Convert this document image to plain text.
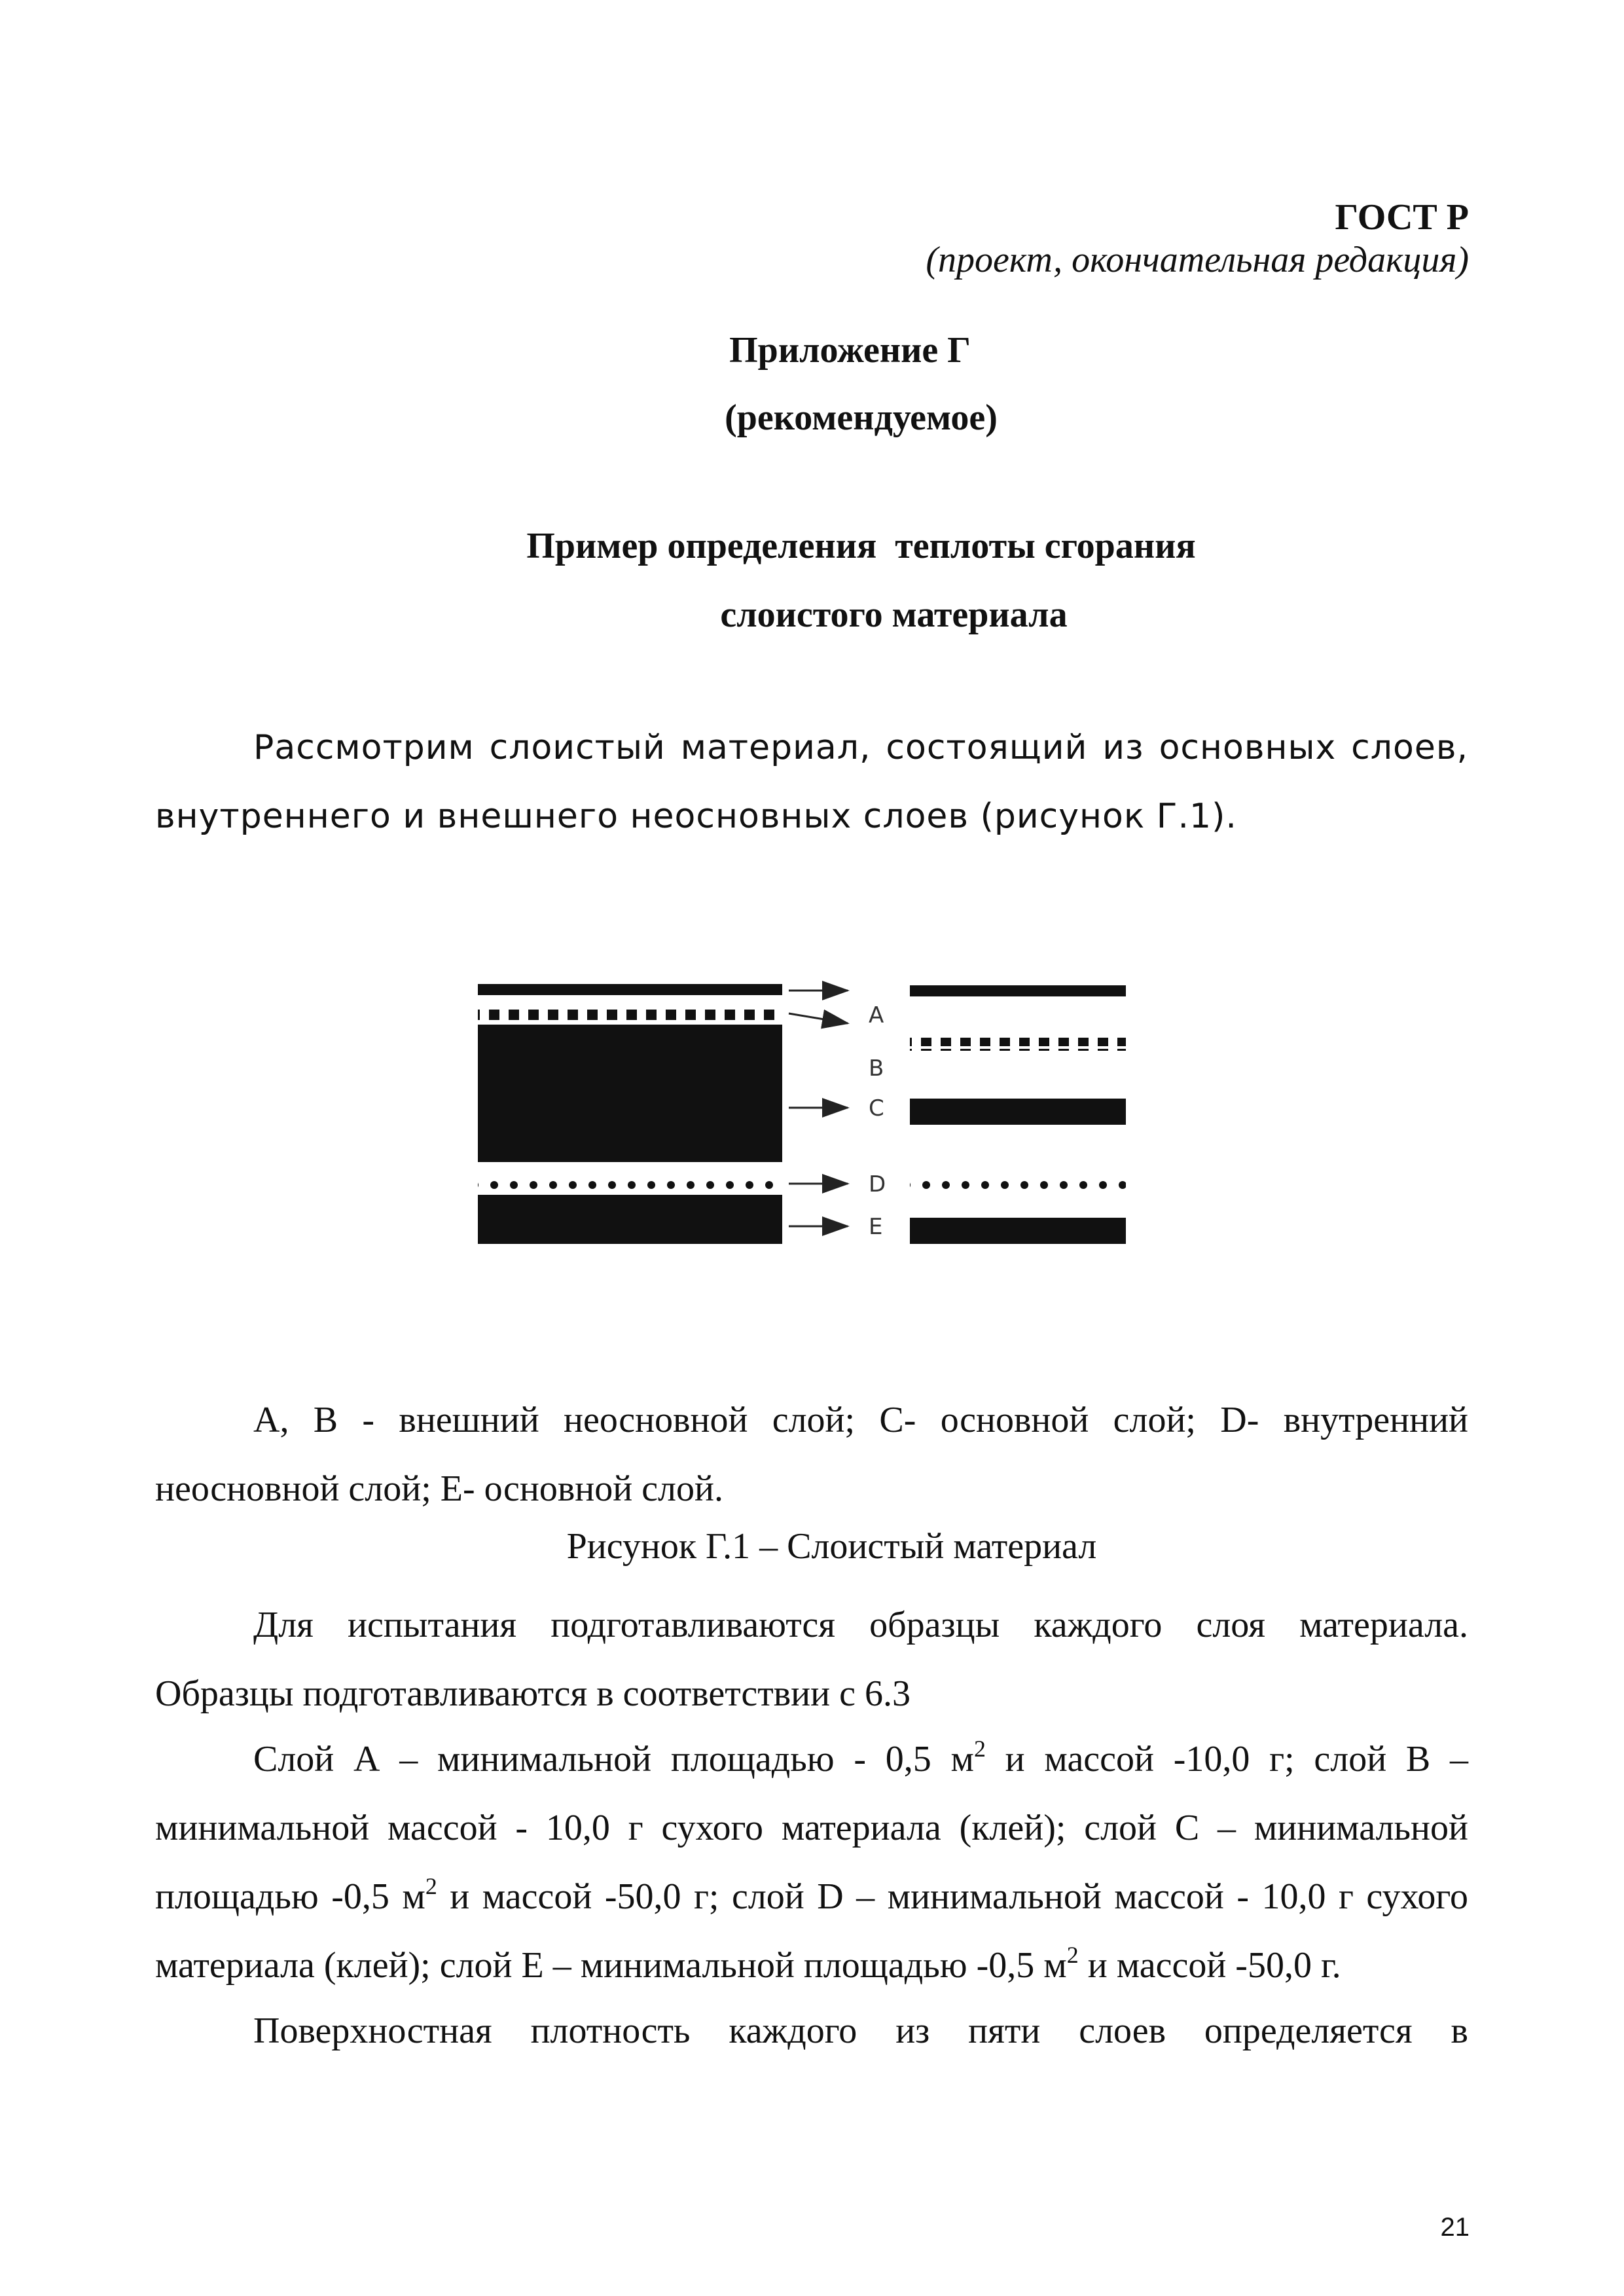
ГОСТ Р
(проект, окончательная редакция)
Приложение Г
(рекомендуемое)
Пример определения  теплоты сгорания
слоистого материала
Рассмотрим слоистый материал, состоящий из основных слоев,
внутреннего и внешнего неосновных слоев (рисунок Г.1).
A
B
C
D
E
А, В - внешний неосновной слой; С- основной слой; D- внутренний
неосновной слой; Е- основной слой.
Рисунок Г.1 – Слоистый материал
Для испытания подготавливаются образцы каждого слоя материала.
Образцы подготавливаются в соответствии с 6.3
Слой А – минимальной площадью - 0,5 $м^2$ и массой -10,0 г; слой В –
минимальной массой - 10,0 г сухого материала (клей); слой С – минимальной
площадью -0,5 $м^2$ и массой -50,0 г; слой D – минимальной массой - 10,0 г сухого
материала (клей); слой Е – минимальной площадью -0,5 $м^2$ и массой -50,0 г.
Поверхностная плотность каждого из пяти слоев определяется в
21
